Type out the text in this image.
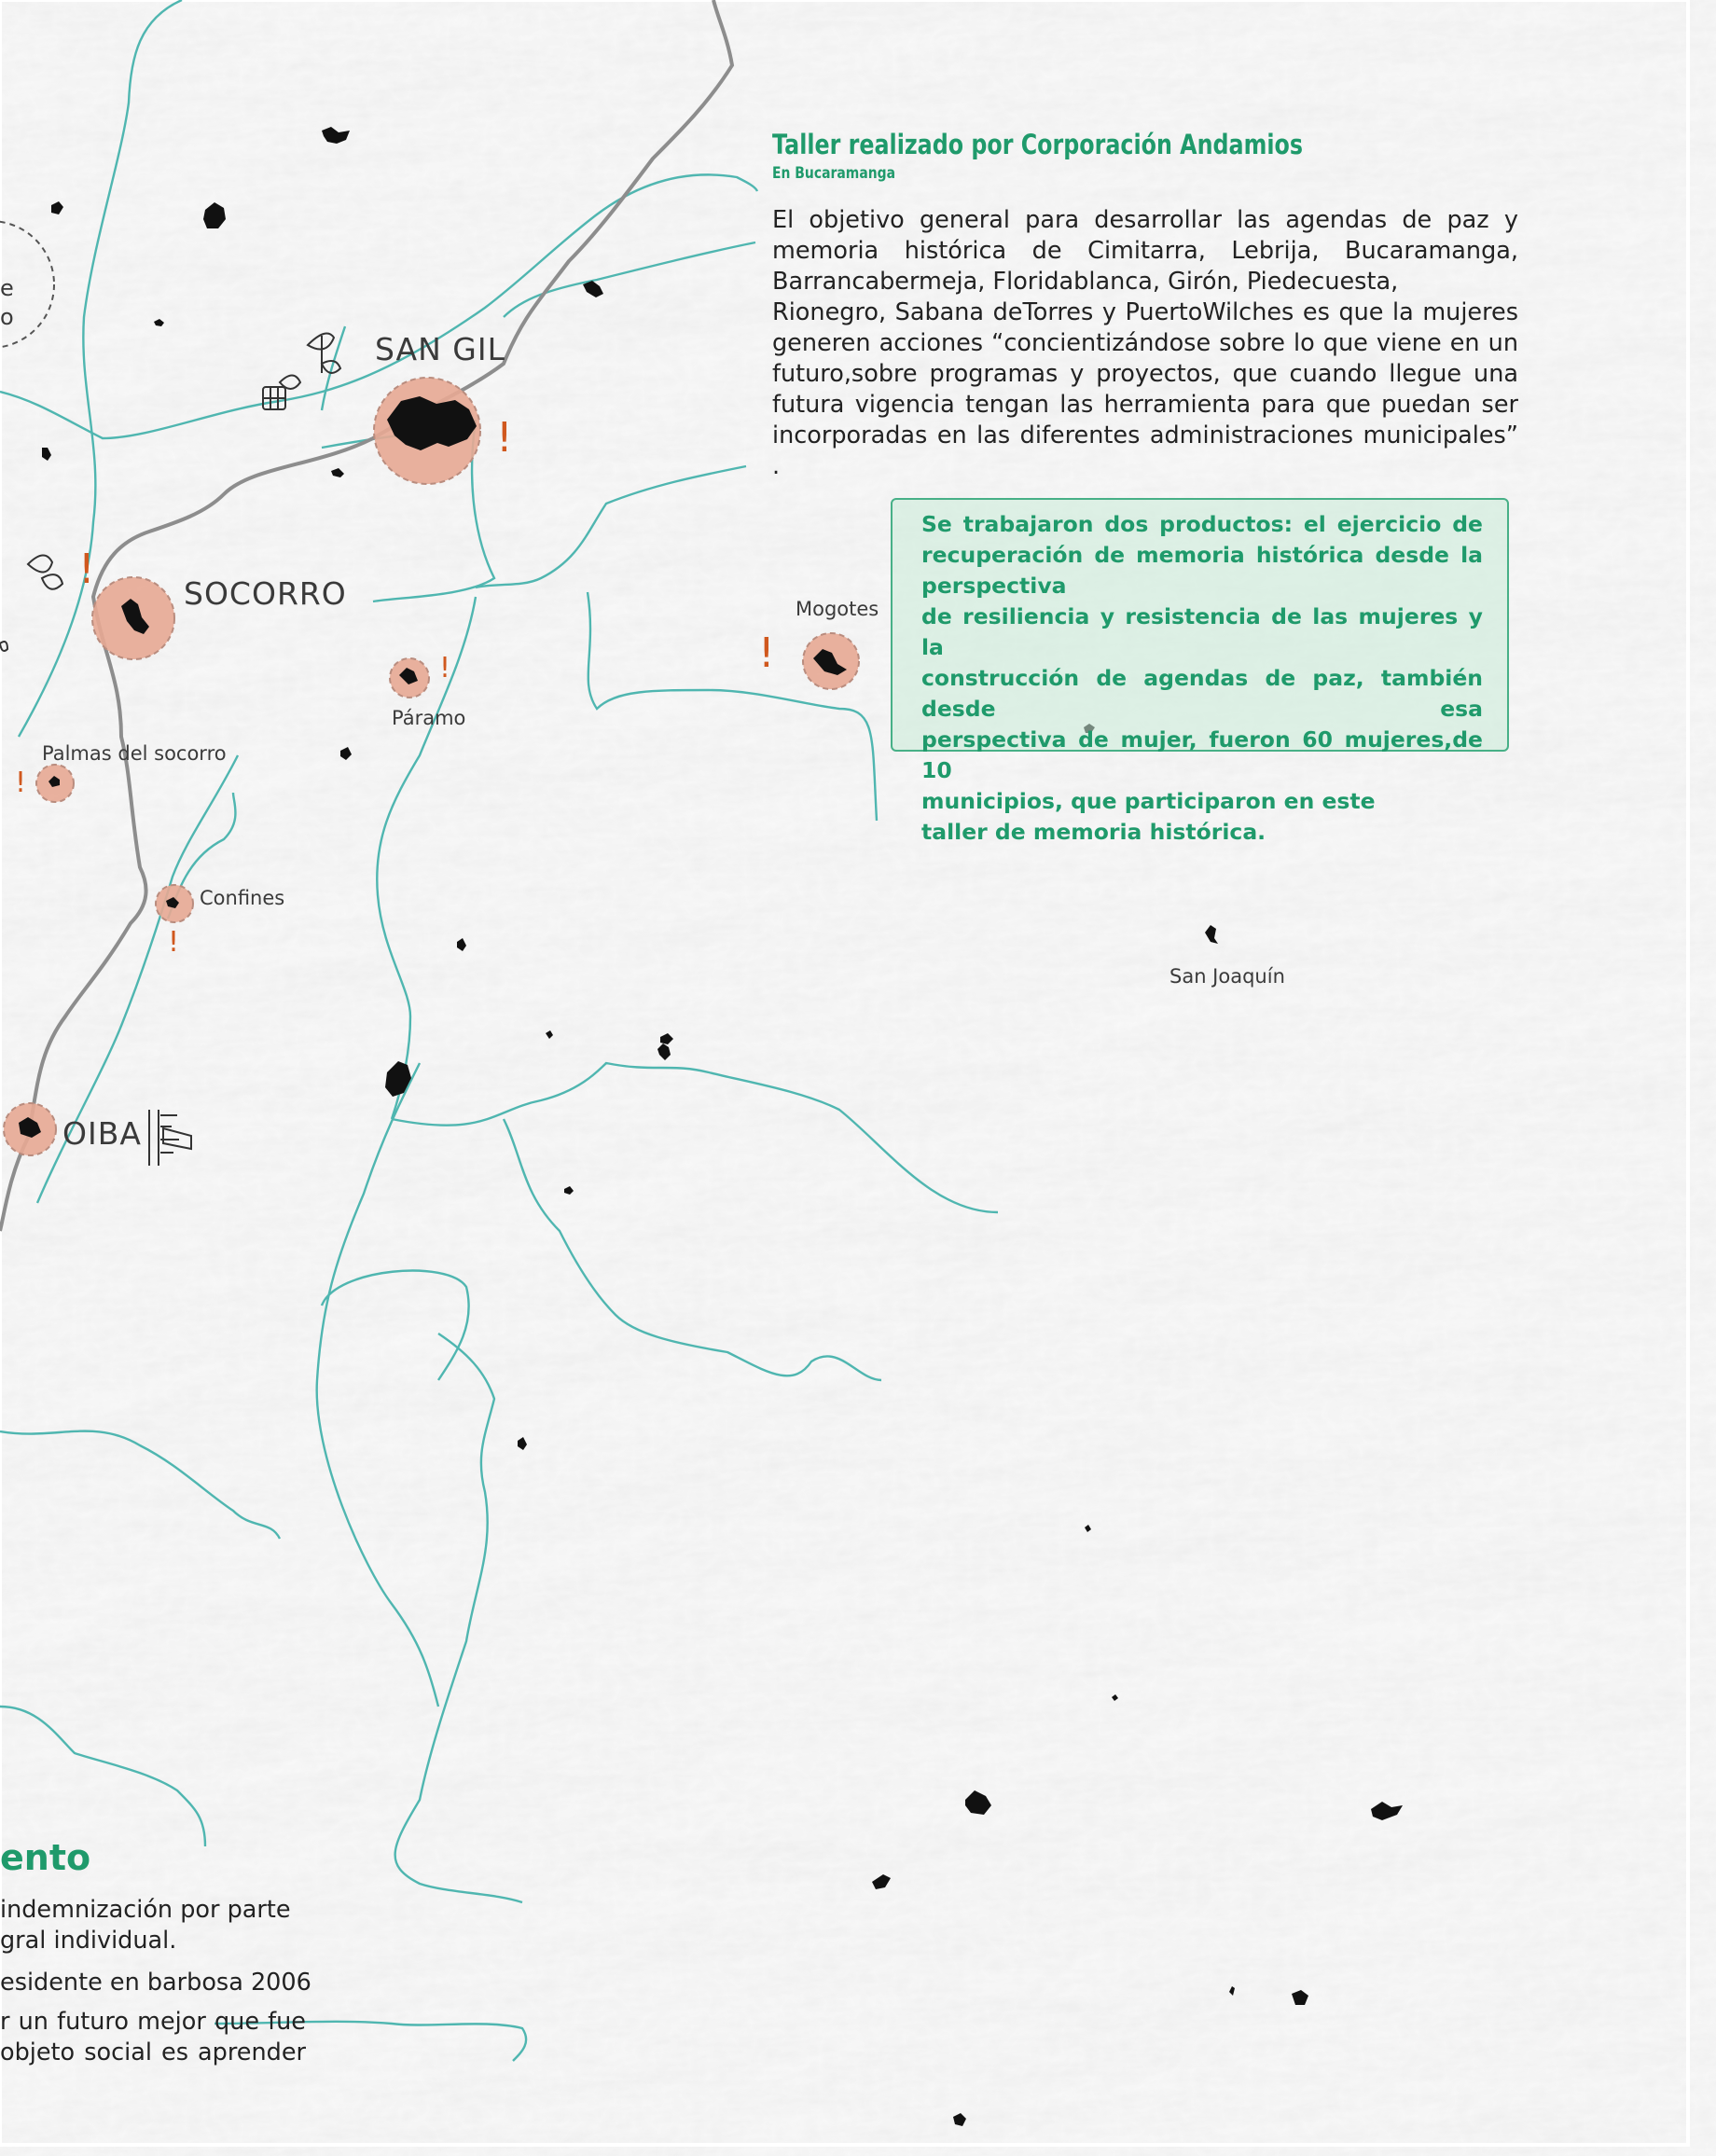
!
!
!	!
!
!
SAN GIL
SOCORRO
OIBA
Mogotes
Páramo
Palmas del socorro
Confines
San Joaquín
e
o
Taller realizado por Corporación Andamios
En Bucaramanga

El objetivo general para desarrollar las agendas de paz y memoria histórica de Cimitarra, Lebrija, Bucaramanga, Barrancabermeja, Floridablanca, Girón, Piedecuesta,

Rionegro, Sabana deTorres y PuertoWilches es que la mujeres generen acciones “concientizándose sobre lo que viene en un futuro,sobre programas y proyectos, que cuando llegue una futura vigencia tengan las herramienta para que puedan ser incorporadas en las diferentes administraciones municipales” .

Se trabajaron dos productos: el ejercicio de
recuperación de memoria histórica desde la perspectiva
de resiliencia y resistencia de las mujeres y la
construcción de agendas de paz, también desde esa
perspectiva de mujer, fueron 60 mujeres,de 10
municipios, que participaron en este
taller de memoria histórica.
ento
indemnización por parte
gral individual.
esidente en barbosa 2006
r un futuro mejor que fue
objeto social es aprender
